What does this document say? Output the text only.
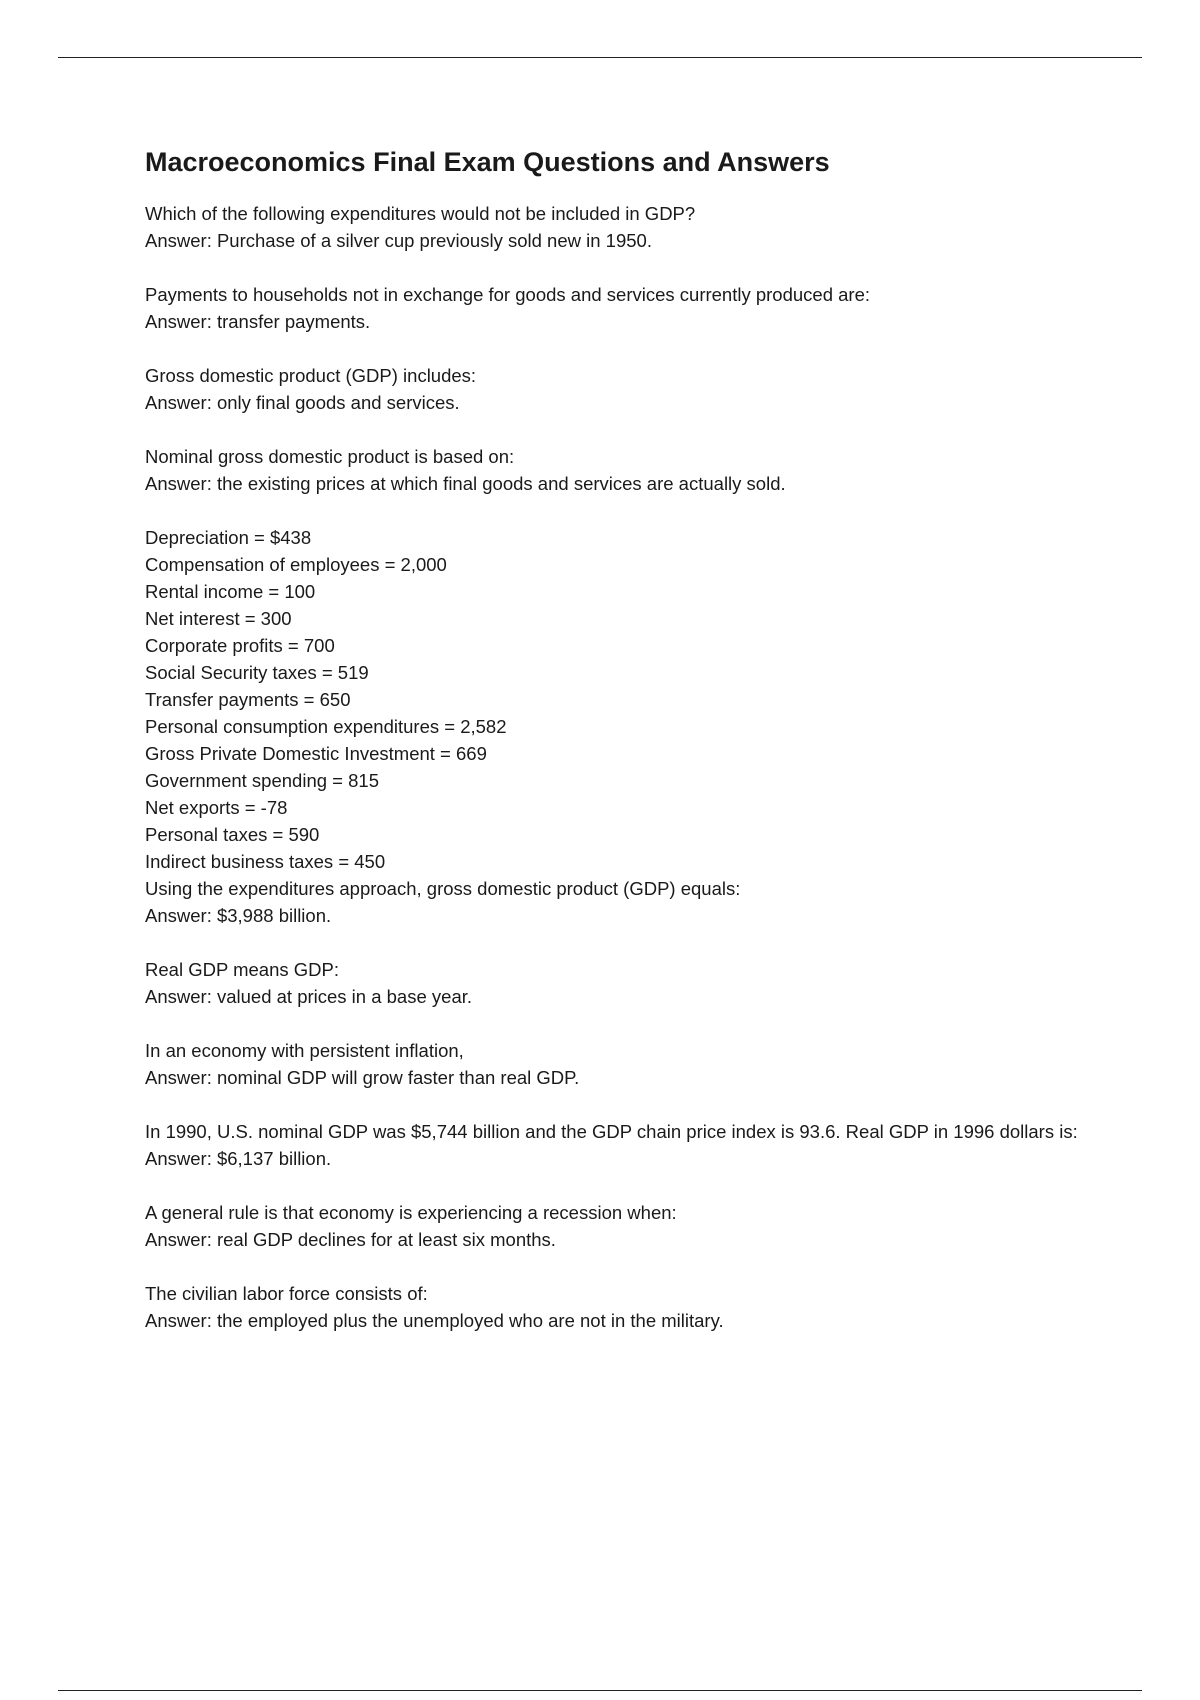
Macroeconomics Final Exam Questions and Answers
Which of the following expenditures would not be included in GDP?
Answer: Purchase of a silver cup previously sold new in 1950.
Payments to households not in exchange for goods and services currently produced are:
Answer: transfer payments.
Gross domestic product (GDP) includes:
Answer: only final goods and services.
Nominal gross domestic product is based on:
Answer: the existing prices at which final goods and services are actually sold.
Depreciation = $438
Compensation of employees = 2,000
Rental income = 100
Net interest = 300
Corporate profits = 700
Social Security taxes = 519
Transfer payments = 650
Personal consumption expenditures = 2,582
Gross Private Domestic Investment = 669
Government spending = 815
Net exports = -78
Personal taxes = 590
Indirect business taxes = 450
Using the expenditures approach, gross domestic product (GDP) equals:
Answer: $3,988 billion.
Real GDP means GDP:
Answer: valued at prices in a base year.
In an economy with persistent inflation,
Answer: nominal GDP will grow faster than real GDP.
In 1990, U.S. nominal GDP was $5,744 billion and the GDP chain price index is 93.6. Real GDP in 1996 dollars is:
Answer: $6,137 billion.
A general rule is that economy is experiencing a recession when:
Answer: real GDP declines for at least six months.
The civilian labor force consists of:
Answer: the employed plus the unemployed who are not in the military.
